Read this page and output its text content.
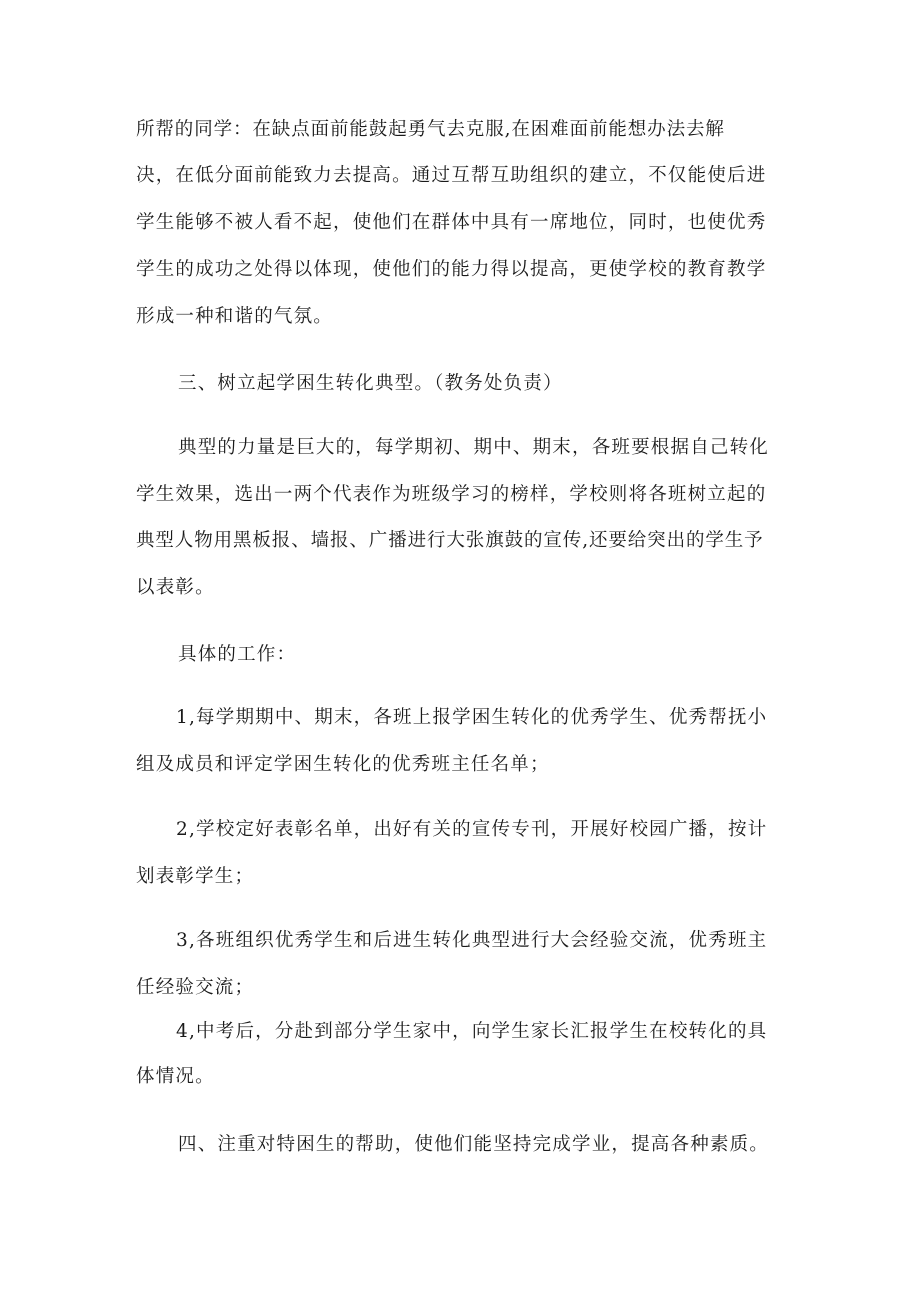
所帮的同学：在缺点面前能鼓起勇气去克服,在困难面前能想办法去解
决，在低分面前能致力去提高。通过互帮互助组织的建立，不仅能使后进
学生能够不被人看不起，使他们在群体中具有一席地位，同时，也使优秀
学生的成功之处得以体现，使他们的能力得以提高，更使学校的教育教学
形成一种和谐的气氛。
三、树立起学困生转化典型。（教务处负责）
典型的力量是巨大的，每学期初、期中、期末，各班要根据自己转化
学生效果，选出一两个代表作为班级学习的榜样，学校则将各班树立起的
典型人物用黑板报、墙报、广播进行大张旗鼓的宣传,还要给突出的学生予
以表彰。
具体的工作：
1,每学期期中、期末，各班上报学困生转化的优秀学生、优秀帮抚小
组及成员和评定学困生转化的优秀班主任名单；
2,学校定好表彰名单，出好有关的宣传专刊，开展好校园广播，按计
划表彰学生；
3,各班组织优秀学生和后进生转化典型进行大会经验交流，优秀班主
任经验交流；
4,中考后，分赴到部分学生家中，向学生家长汇报学生在校转化的具
体情况。
四、注重对特困生的帮助，使他们能坚持完成学业，提高各种素质。
